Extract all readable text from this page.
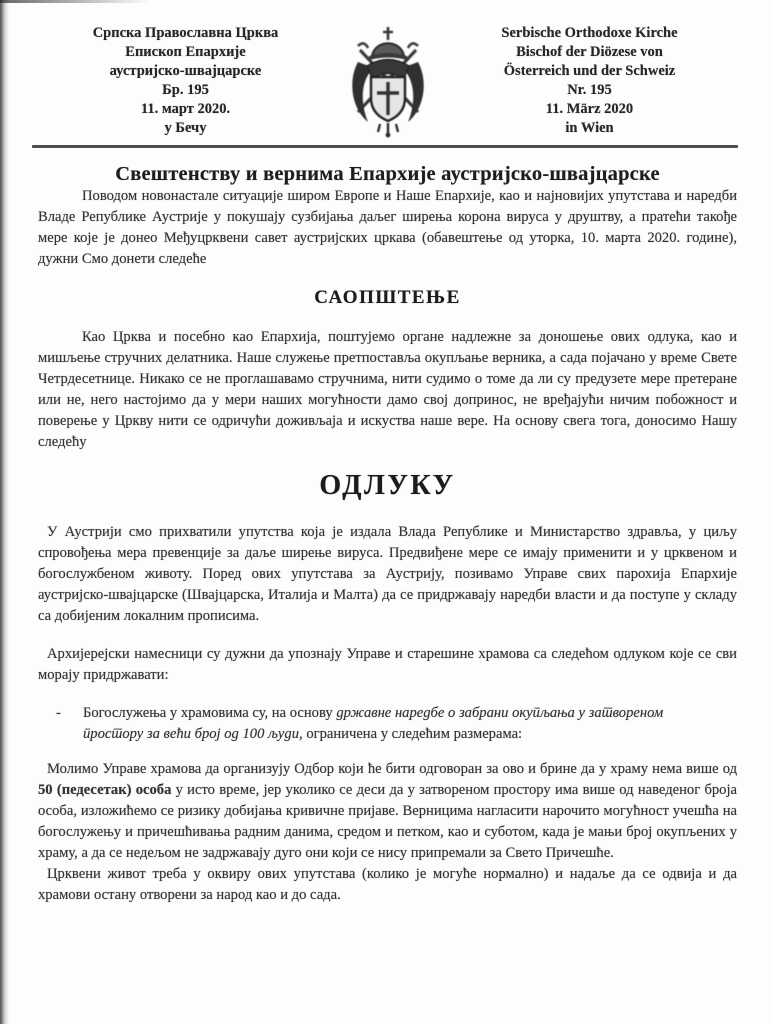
Српска Православна Црква
Епископ Епархије
аустријско-швајцарске
Бр. 195
11. март 2020.
у Бечу
Serbische Orthodoxe Kirche
Bischof der Diözese von
Österreich und der Schweiz
Nr. 195
11. März 2020
in Wien
Свештенству и вернима Епархије аустријско-швајцарске

Поводом новонастале ситуације широм Европе и Наше Епархије, као и најновијих упутстава и наредби Владе Републике Аустрије у покушају сузбијања даљег ширења корона вируса у друштву, а пратећи такође мере које је донео Међуцрквени савет аустријских цркава (обавештење од уторка, 10. марта 2020. године), дужни Смо донети следеће

САОПШТЕЊЕ

Као Црква и посебно као Епархија, поштујемо органе надлежне за доношење ових одлука, као и мишљење стручних делатника. Наше служење претпоставља окупљање верника, а сада појачано у време Свете Четрдесетнице. Никако се не проглашавамо стручнима, нити судимо о томе да ли су предузете мере претеране или не, него настојимо да у мери наших могућности дамо свој допринос, не вређајући ничим побожност и поверење у Цркву нити се одричући доживљаја и искуства наше вере. На основу свега тога, доносимо Нашу следећу

ОДЛУКУ

У Аустрији смо прихватили упутства која је издала Влада Републике и Министарство здравља, у циљу спровођења мера превенције за даље ширење вируса. Предвиђене мере се имају применити и у црквеном и богослужбеном животу. Поред ових упутстава за Аустрију, позивамо Управе свих парохија Епархије аустријско-швајцарске (Швајцарска, Италија и Малта) да се придржавају наредби власти и да поступе у складу са добијеним локалним прописима.

Архијерејски намесници су дужни да упознају Управе и старешине храмова са следећом одлуком које се сви морају придржавати:

-	Богослужења у храмовима су, на основу државне наредбе о забрани окупљања у затвореном простору за већи број од 100 људи, ограничена у следећим размерама:

Молимо Управе храмова да организују Одбор који ће бити одговоран за ово и брине да у храму нема више од 50 (педесетак) особа у исто време, јер уколико се деси да у затвореном простору има више од наведеног броја особа, изложићемо се ризику добијања кривичне пријаве. Верницима нагласити нарочито могућност учешћа на богослужењу и причешћивања радним данима, средом и петком, као и суботом, када је мањи број окупљених у храму, а да се недељом не задржавају дуго они који се нису припремали за Свето Причешће.

Црквени живот треба у оквиру ових упутстава (колико је могуће нормално) и надаље да се одвија и да храмови остану отворени за народ као и до сада.
